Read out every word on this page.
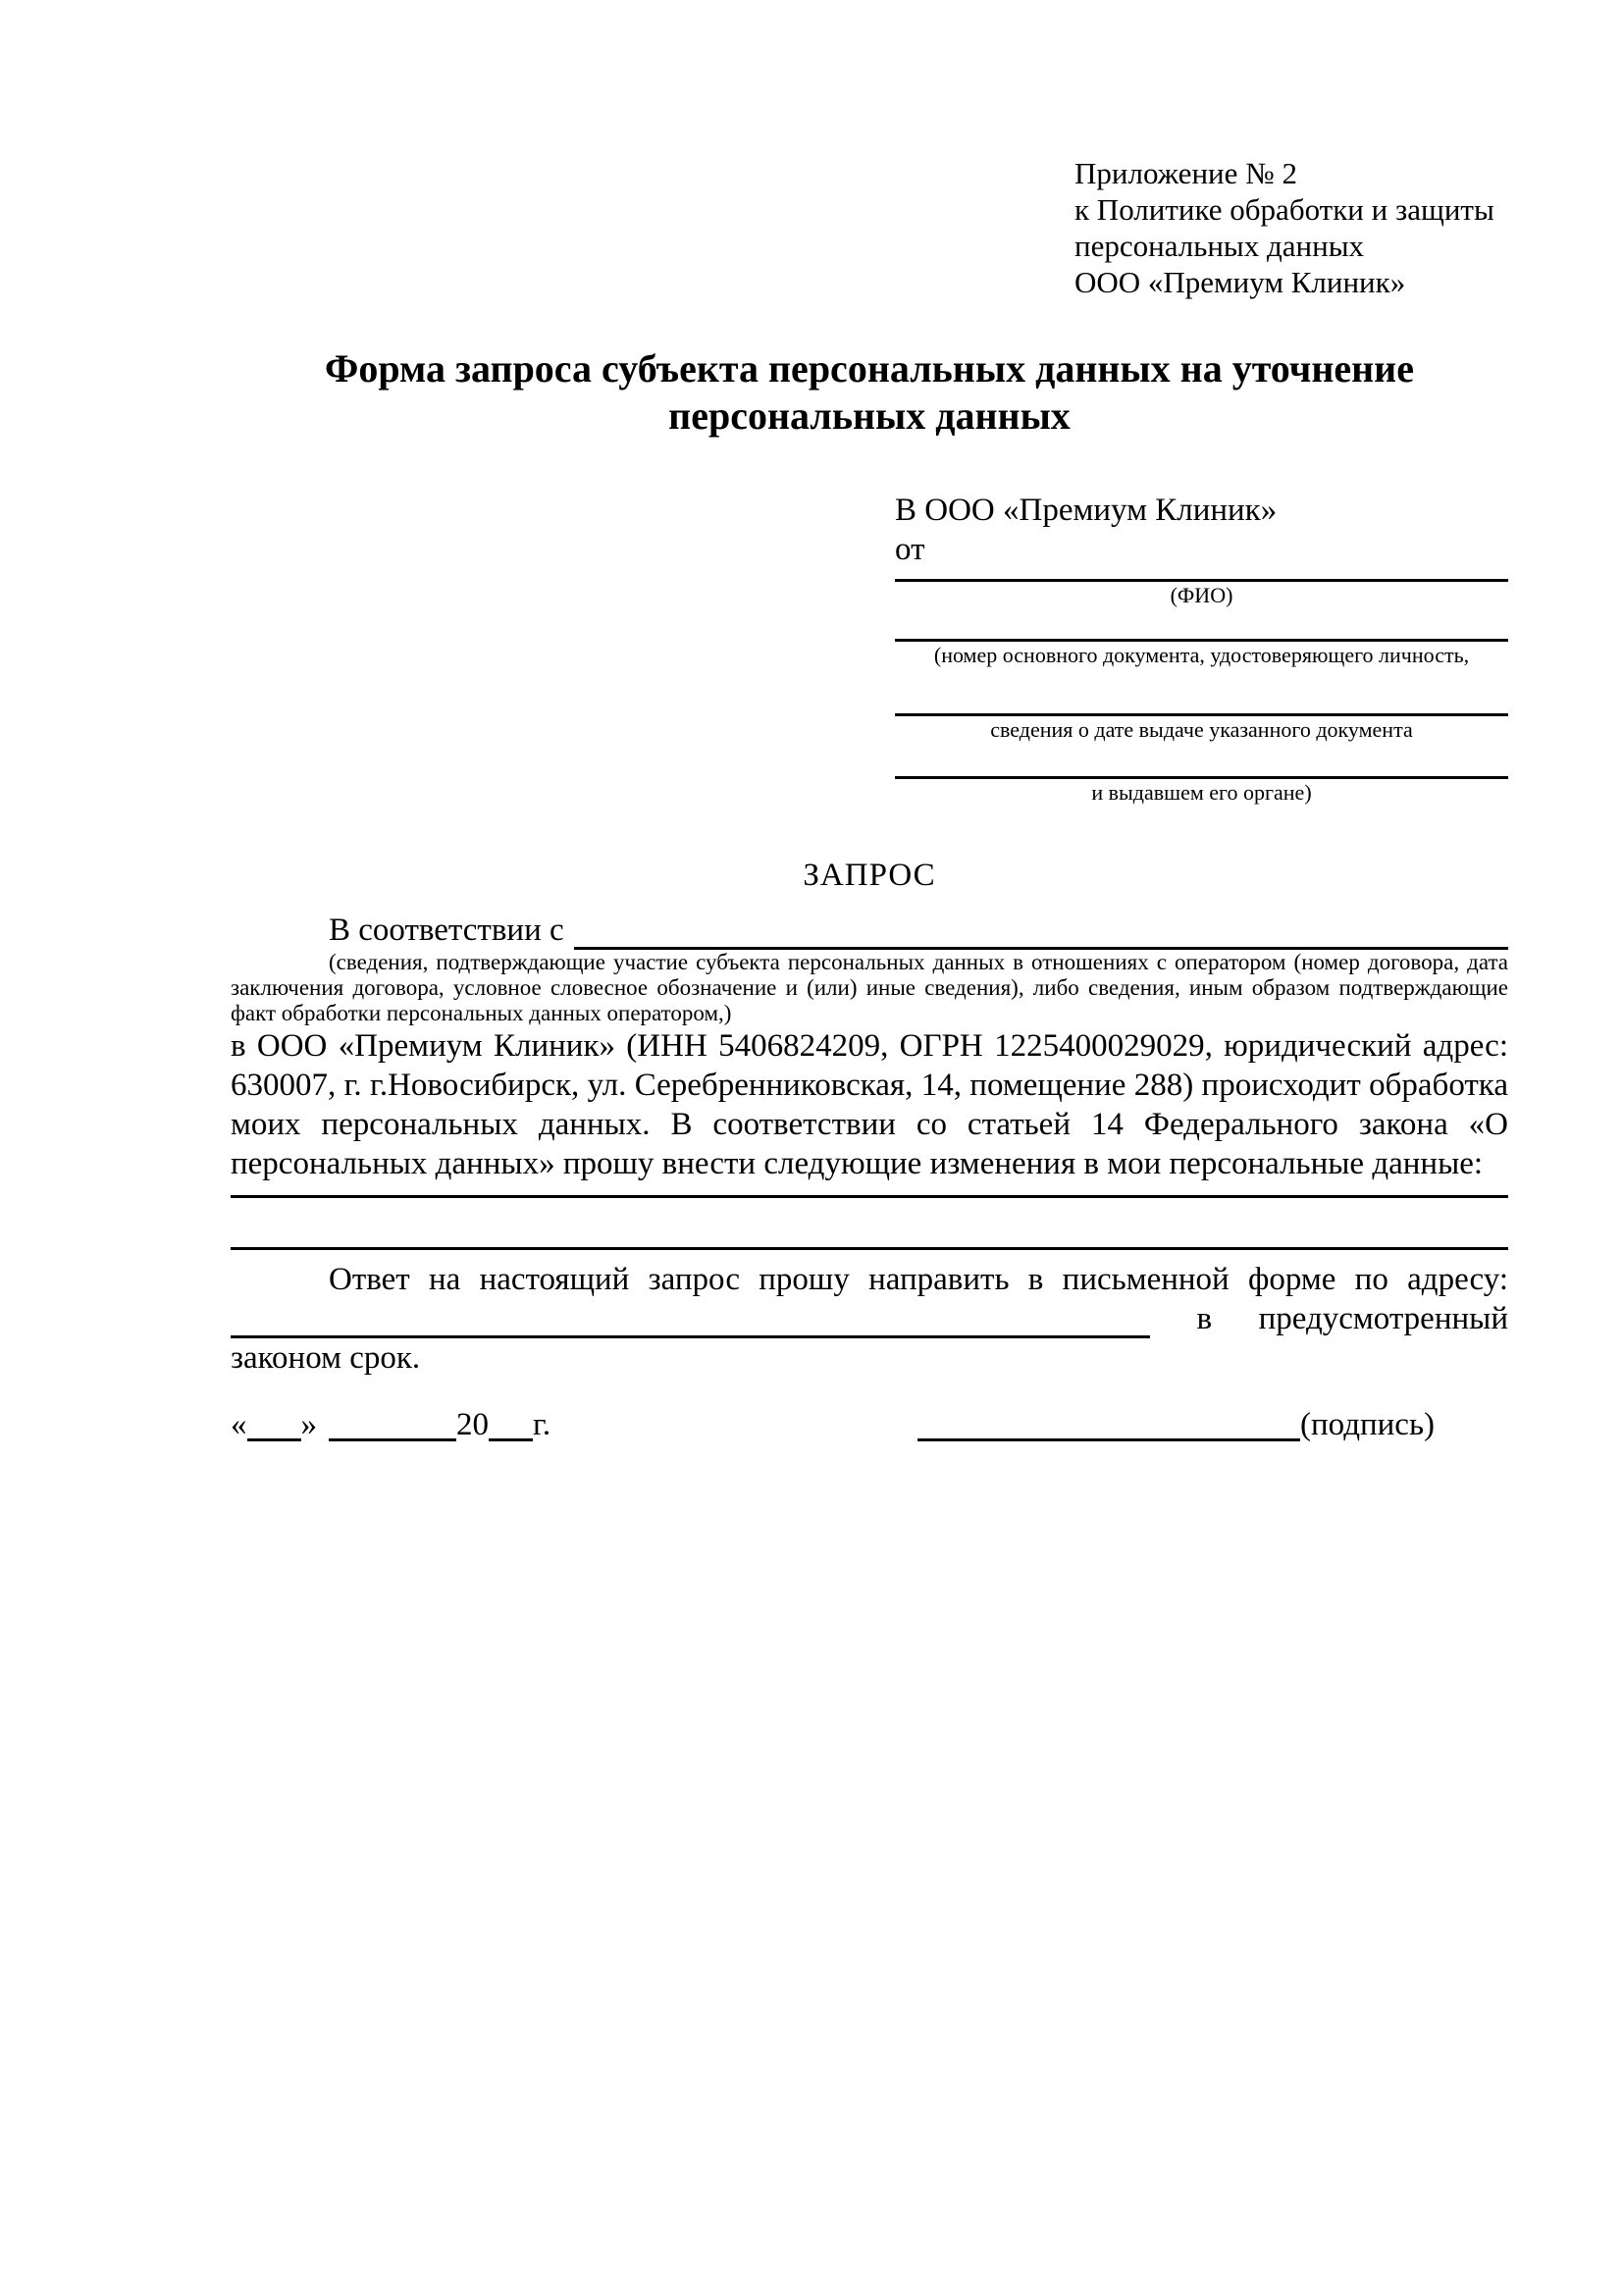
Приложение № 2
к Политике обработки и защиты
персональных данных
ООО «Премиум Клиник»
Форма запроса субъекта персональных данных на уточнение персональных данных
В ООО «Премиум Клиник»
от
(ФИО)
(номер основного документа, удостоверяющего личность,
сведения о дате выдаче указанного документа
и выдавшем его органе)
ЗАПРОС
В соответствии с
(сведения, подтверждающие участие субъекта персональных данных в отношениях с оператором (номер договора, дата заключения договора, условное словесное обозначение и (или) иные сведения), либо сведения, иным образом подтверждающие факт обработки персональных данных оператором,)
в ООО «Премиум Клиник» (ИНН 5406824209, ОГРН 1225400029029, юридический адрес: 630007, г. г.Новосибирск, ул. Серебренниковская, 14, помещение 288) происходит обработка моих персональных данных. В соответствии со статьей 14 Федерального закона «О персональных данных» прошу внести следующие изменения в мои персональные данные:
Ответ на настоящий запрос прошу направить в письменной форме по адресу:
в предусмотренный
законом срок.
« »	20 г.	(подпись)
